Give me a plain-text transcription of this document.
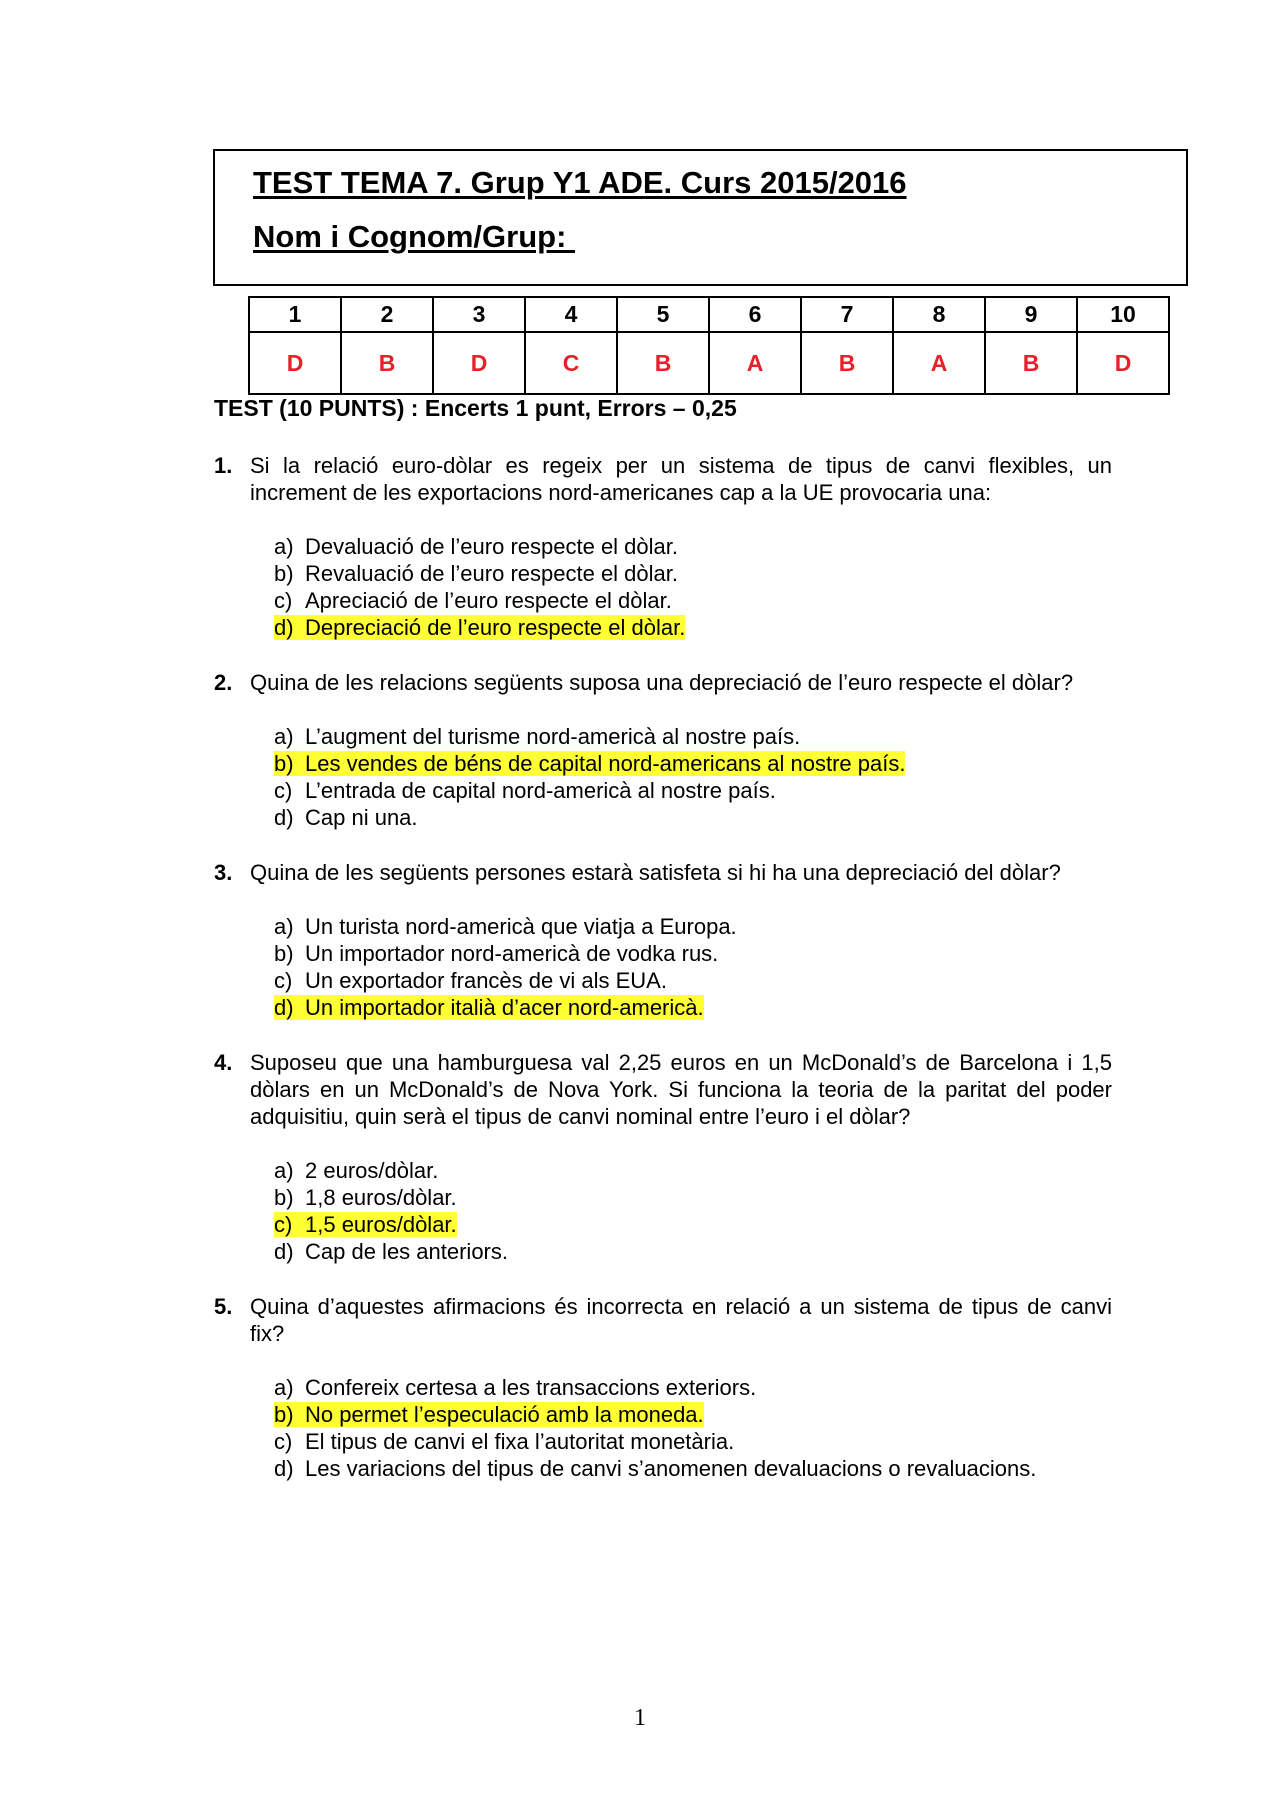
TEST TEMA 7. Grup Y1 ADE. Curs 2015/2016
Nom i Cognom/Grup:
1	2	3	4	5	6	7	8	9	10
D	B	D	C	B	A	B	A	B	D
TEST (10 PUNTS) : Encerts 1 punt, Errors – 0,25
1. Si la relació euro-dòlar es regeix per un sistema de tipus de canvi flexibles, un increment de les exportacions nord-americanes cap a la UE provocaria una:
a) Devaluació de l’euro respecte el dòlar.
b) Revaluació de l’euro respecte el dòlar.
c) Apreciació de l’euro respecte el dòlar.
d) Depreciació de l’euro respecte el dòlar.
2. Quina de les relacions següents suposa una depreciació de l’euro respecte el dòlar?
a) L’augment del turisme nord-americà al nostre país.
b) Les vendes de béns de capital nord-americans al nostre país.
c) L’entrada de capital nord-americà al nostre país.
d) Cap ni una.
3. Quina de les següents persones estarà satisfeta si hi ha una depreciació del dòlar?
a) Un turista nord-americà que viatja a Europa.
b) Un importador nord-americà de vodka rus.
c) Un exportador francès de vi als EUA.
d) Un importador italià d’acer nord-americà.
4. Suposeu que una hamburguesa val 2,25 euros en un McDonald’s de Barcelona i 1,5 dòlars en un McDonald’s de Nova York. Si funciona la teoria de la paritat del poder adquisitiu, quin serà el tipus de canvi nominal entre l’euro i el dòlar?
a) 2 euros/dòlar.
b) 1,8 euros/dòlar.
c) 1,5 euros/dòlar.
d) Cap de les anteriors.
5. Quina d’aquestes afirmacions és incorrecta en relació a un sistema de tipus de canvi fix?
a) Confereix certesa a les transaccions exteriors.
b) No permet l’especulació amb la moneda.
c) El tipus de canvi el fixa l’autoritat monetària.
d) Les variacions del tipus de canvi s’anomenen devaluacions o revaluacions.
1
